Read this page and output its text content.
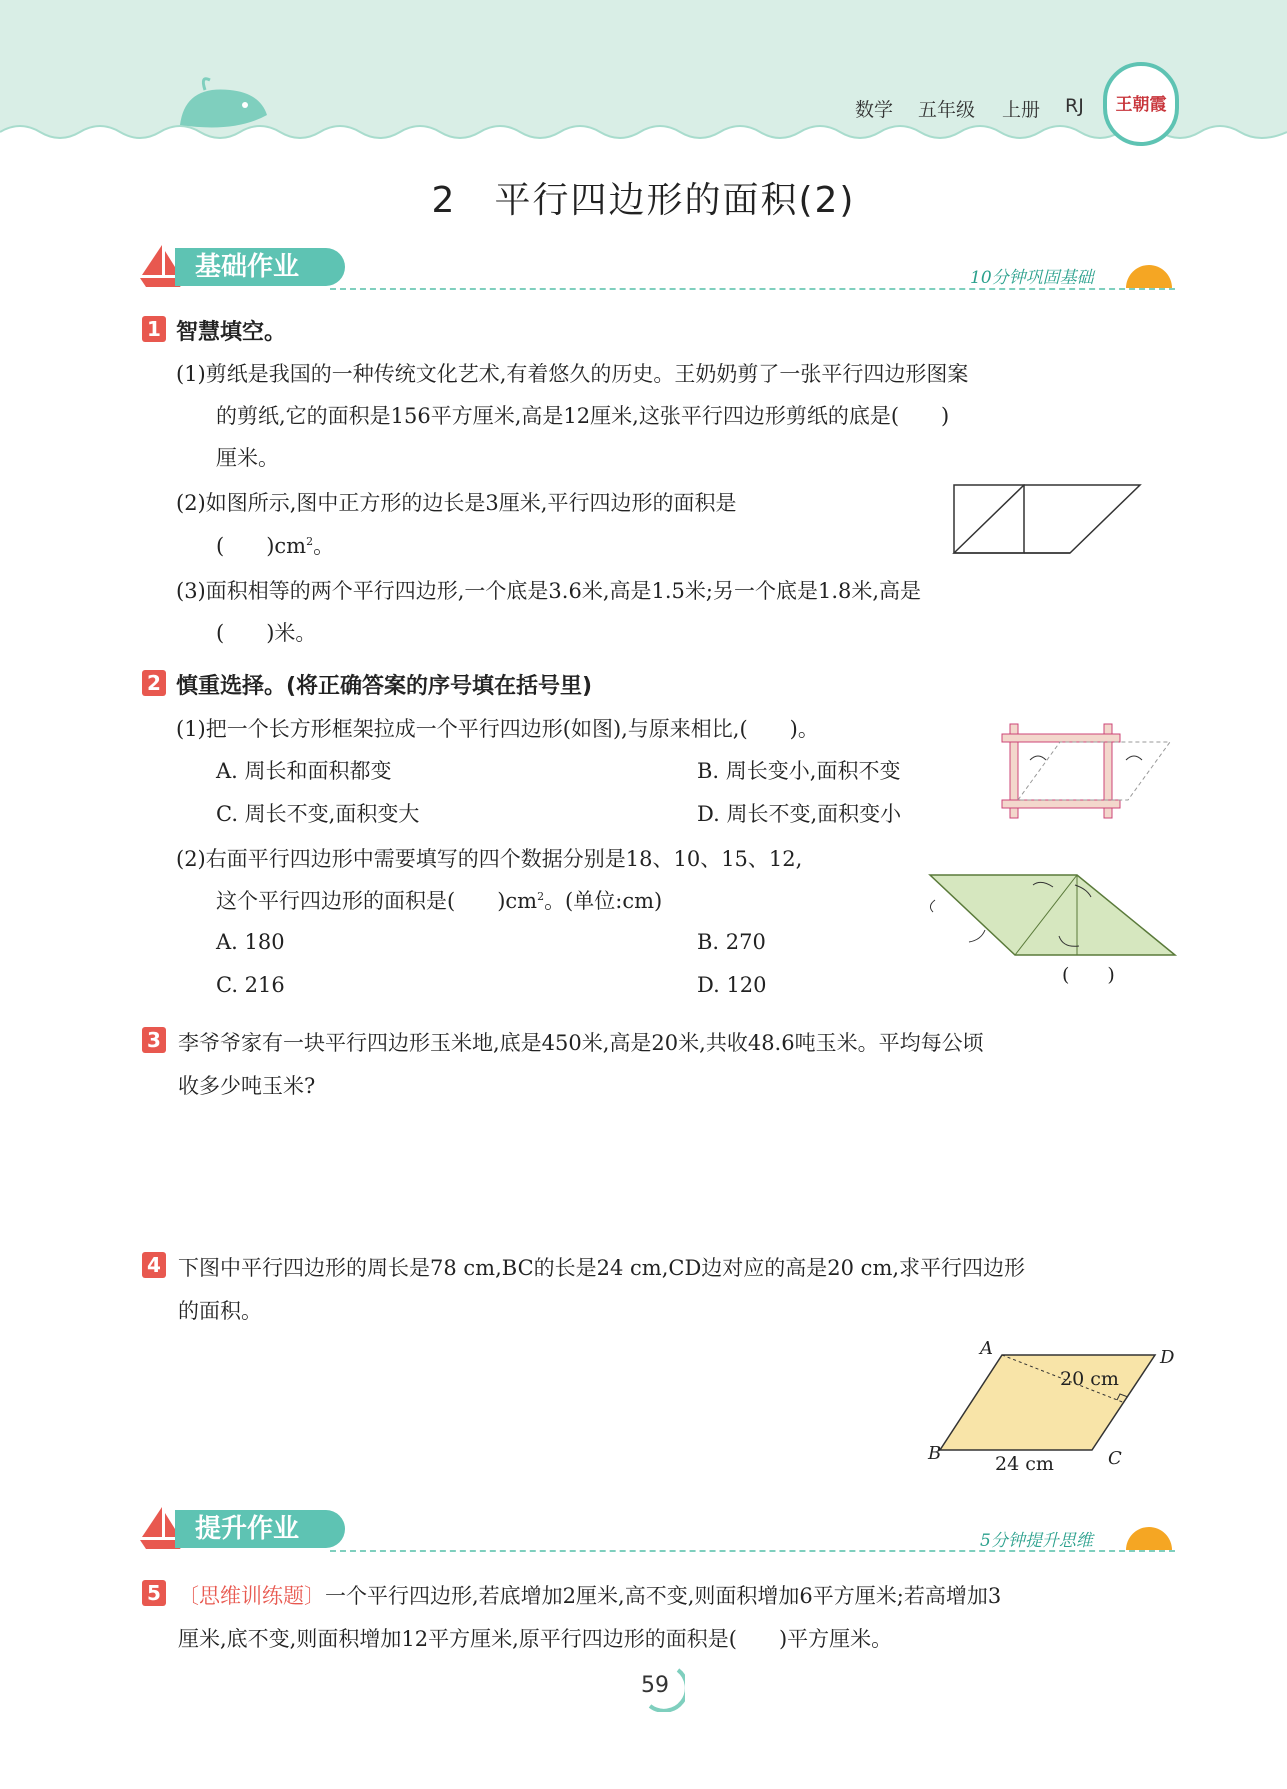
数学 五年级 上册 RJ	王朝霞
2　平行四边形的面积(2)
基础作业	10分钟巩固基础
1 智慧填空。
(1)剪纸是我国的一种传统文化艺术,有着悠久的历史。王奶奶剪了一张平行四边形图案
的剪纸,它的面积是156平方厘米,高是12厘米,这张平行四边形剪纸的底是(　　)
厘米。
(2)如图所示,图中正方形的边长是3厘米,平行四边形的面积是
(　　)$cm^2$。
(3)面积相等的两个平行四边形,一个底是3.6米,高是1.5米;另一个底是1.8米,高是
(　　)米。
2 慎重选择。(将正确答案的序号填在括号里)
(1)把一个长方形框架拉成一个平行四边形(如图),与原来相比,(　　)。
A. 周长和面积都变	B. 周长变小,面积不变
C. 周长不变,面积变大	D. 周长不变,面积变小
(2)右面平行四边形中需要填写的四个数据分别是18、10、15、12,
这个平行四边形的面积是(　　)$cm^2$。(单位:cm)
A. 180	B. 270
C. 216	D. 120	(　　)
3 李爷爷家有一块平行四边形玉米地,底是450米,高是20米,共收48.6吨玉米。平均每公顷
收多少吨玉米?
4 下图中平行四边形的周长是78 cm,BC的长是24 cm,CD边对应的高是20 cm,求平行四边形
的面积。
A	D
B	C
20 cm
24 cm
提升作业	5分钟提升思维
5 〔思维训练题〕一个平行四边形,若底增加2厘米,高不变,则面积增加6平方厘米;若高增加3
厘米,底不变,则面积增加12平方厘米,原平行四边形的面积是(　　)平方厘米。
59
